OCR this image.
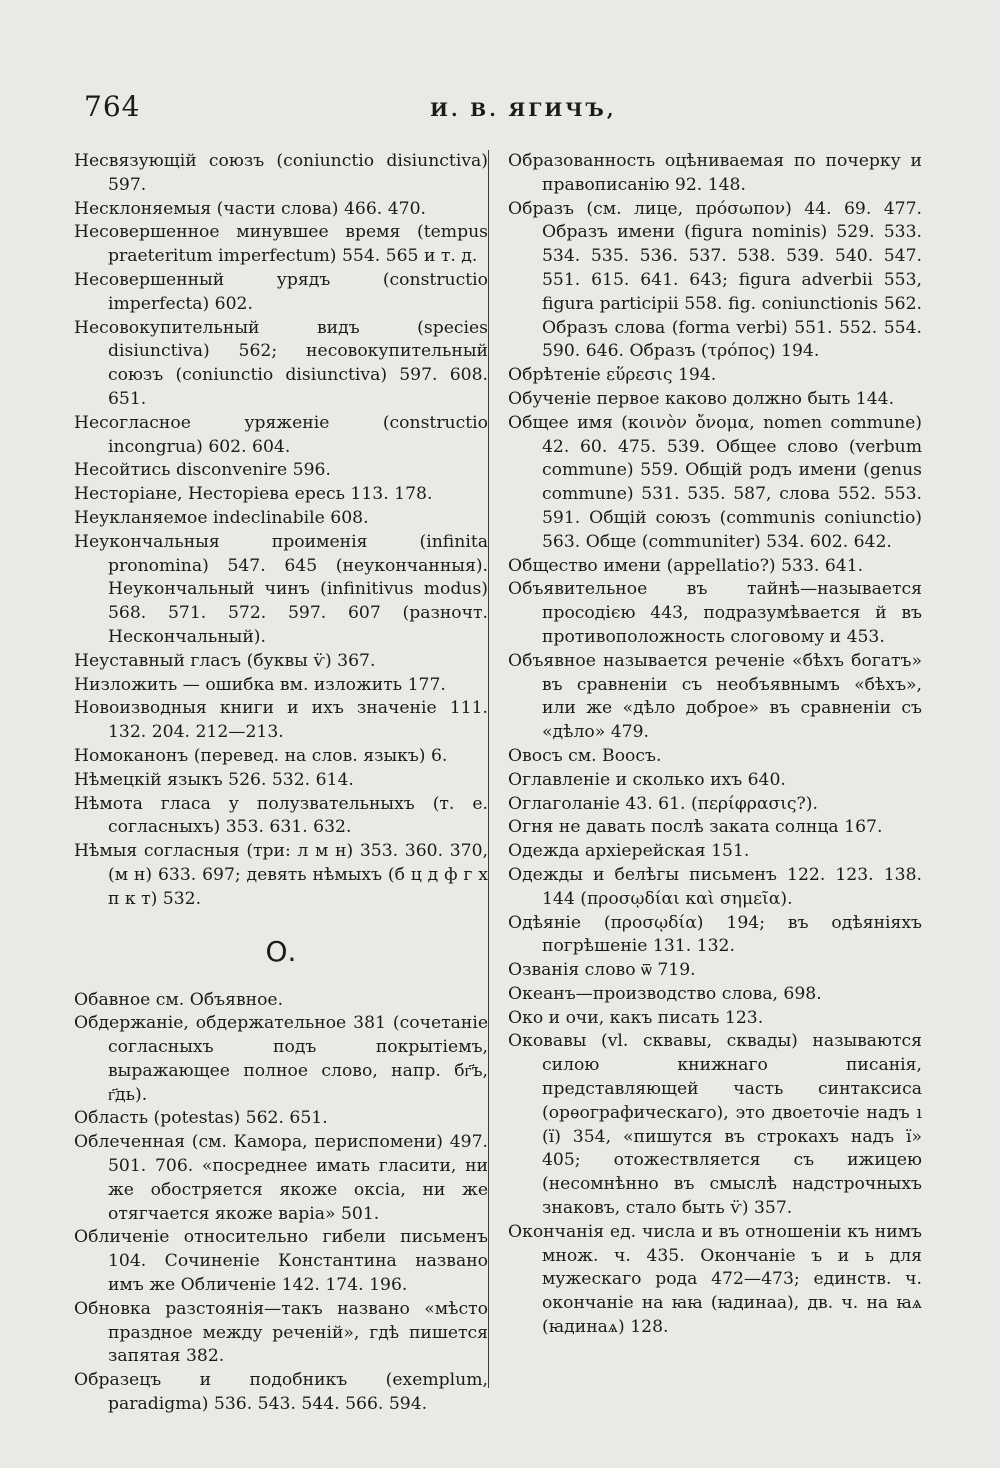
764	И. В. ЯГИЧЪ,

Несвязующій союзъ (coniunctio disiunctiva) 597.

Несклоняемыя (части слова) 466. 470.

Несовершенное минувшее время (tempus praeteritum imperfectum) 554. 565 и т. д.

Несовершенный урядъ (constructio imperfecta) 602.

Несовокупительный видъ (species disiunctiva) 562; несовокупительный союзъ (coniunctio disiunctiva) 597. 608. 651.

Несогласное уряженіе (constructio incongrua) 602. 604.

Несойтись disconvenire 596.

Несторіане, Несторіева ересь 113. 178.

Неукланяемое indeclinabile 608.

Неукончальныя проименія (infinita pronomina) 547. 645 (неукончанныя). Неукончальный чинъ (infinitivus modus) 568. 571. 572. 597. 607 (разночт. Нескончальный).

Неуставный гласъ (буквы ѵ̈) 367.

Низложить — ошибка вм. изложить 177.

Новоизводныя книги и ихъ значеніе 111. 132. 204. 212—213.

Номоканонъ (перевед. на слов. языкъ) 6.

Нѣмецкій языкъ 526. 532. 614.

Нѣмота гласа у полузвательныхъ (т. е. согласныхъ) 353. 631. 632.

Нѣмыя согласныя (три: л м н) 353. 360. 370, (м н) 633. 697; девять нѣмыхъ (б ц д ф г х п к т) 532.

О.

Обавное см. Объявное.

Обдержаніе, обдержательное 381 (сочетаніе согласныхъ подъ покрытіемъ, выражающее полное слово, напр. бг҃ъ, г҃дь).

Область (potestas) 562. 651.

Облеченная (см. Камора, периспомени) 497. 501. 706. «посреднее имать гласити, ни же обостряется якоже оксіа, ни же отягчается якоже варіа» 501.

Обличеніе относительно гибели письменъ 104. Сочиненіе Константина названо имъ же Обличеніе 142. 174. 196.

Обновка разстоянія—такъ названо «мѣсто праздное между реченій», гдѣ пишется запятая 382.

Образецъ и подобникъ (exemplum, paradigma) 536. 543. 544. 566. 594.

Образованность оцѣниваемая по почерку и правописанію 92. 148.

Образъ (см. лице, πρόσωπον) 44. 69. 477. Образъ имени (figura nominis) 529. 533. 534. 535. 536. 537. 538. 539. 540. 547. 551. 615. 641. 643; figura adverbii 553, figura participii 558. fig. coniunctionis 562. Образъ слова (forma verbi) 551. 552. 554. 590. 646. Образъ (τρόπος) 194.

Обрѣтеніе εὕρεσις 194.

Обученіе первое каково должно быть 144.

Общее имя (κοινὸν ὄνομα, nomen commune) 42. 60. 475. 539. Общее слово (verbum commune) 559. Общій родъ имени (genus commune) 531. 535. 587, слова 552. 553. 591. Общій союзъ (communis coniunctio) 563. Обще (communiter) 534. 602. 642.

Общество имени (appellatio?) 533. 641.

Объявительное въ тайнѣ—называется просодією 443, подразумѣвается й въ противоположность слоговому и 453.

Объявное называется реченіе «бѣхъ богатъ» въ сравненіи съ необъявнымъ «бѣхъ», или же «дѣло доброе» въ сравненіи съ «дѣло» 479.

Овосъ см. Воосъ.

Оглавленіе и сколько ихъ 640.

Оглаголаніе 43. 61. (περίφρασις?).

Огня не давать послѣ заката солнца 167.

Одежда архіерейская 151.

Одежды и белѣгы письменъ 122. 123. 138. 144 (προσῳδίαι καὶ σημεῖα).

Одѣяніе (προσῳδία) 194; въ одѣяніяхъ погрѣшеніе 131. 132.

Озванія слово ѿ 719.

Океанъ—производство слова, 698.

Око и очи, какъ писать 123.

Оковавы (vl. сквавы, сквады) называются силою книжнаго писанія, представляющей часть синтаксиса (орѳографическаго), это двоеточіе надъ ı (ï) 354, «пишутся въ строкахъ надъ ï» 405; отожествляется съ ижицею (несомнѣнно въ смыслѣ надстрочныхъ знаковъ, стало быть ѵ̈) 357.

Окончанія ед. числа и въ отношеніи къ нимъ множ. ч. 435. Окончаніе ъ и ь для мужескаго рода 472—473; единств. ч. окончаніе на ꙗꙗ (ꙗдинаа), дв. ч. на ꙗѧ (ꙗдинаѧ) 128.
